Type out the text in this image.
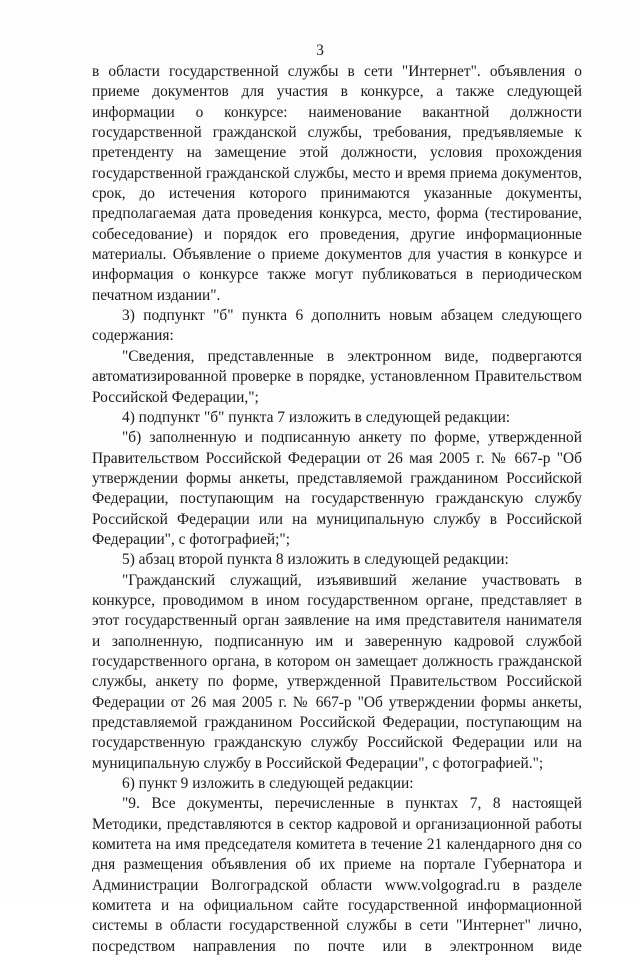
3

в области государственной службы в сети "Интернет". объявления о приеме документов для участия в конкурсе, а также следующей информации о конкурсе: наименование вакантной должности государственной гражданской службы, требования, предъявляемые к претенденту на замещение этой должности, условия прохождения государственной гражданской службы, место и время приема документов, срок, до истечения которого принимаются указанные документы, предполагаемая дата проведения конкурса, место, форма (тестирование, собеседование) и порядок его проведения, другие информационные материалы. Объявление о приеме документов для участия в конкурсе и информация о конкурсе также могут публиковаться в периодическом печатном издании".

3) подпункт "б" пункта 6 дополнить новым абзацем следующего содержания:

"Сведения, представленные в электронном виде, подвергаются автоматизированной проверке в порядке, установленном Правительством Российской Федерации,";

4) подпункт "б" пункта 7 изложить в следующей редакции:

"б) заполненную и подписанную анкету по форме, утвержденной Правительством Российской Федерации от 26 мая 2005 г. № 667-р "Об утверждении формы анкеты, представляемой гражданином Российской Федерации, поступающим на государственную гражданскую службу Российской Федерации или на муниципальную службу в Российской Федерации", с фотографией;";

5) абзац второй пункта 8 изложить в следующей редакции:

"Гражданский служащий, изъявивший желание участвовать в конкурсе, проводимом в ином государственном органе, представляет в этот государственный орган заявление на имя представителя нанимателя и заполненную, подписанную им и заверенную кадровой службой государственного органа, в котором он замещает должность гражданской службы, анкету по форме, утвержденной Правительством Российской Федерации от 26 мая 2005 г. № 667-р "Об утверждении формы анкеты, представляемой гражданином Российской Федерации, поступающим на государственную гражданскую службу Российской Федерации или на муниципальную службу в Российской Федерации", с фотографией.";

6) пункт 9 изложить в следующей редакции:

"9. Все документы, перечисленные в пунктах 7, 8 настоящей Методики, представляются в сектор кадровой и организационной работы комитета на имя председателя комитета в течение 21 календарного дня со дня размещения объявления об их приеме на портале Губернатора и Администрации Волгоградской области www.volgograd.ru в разделе комитета и на официальном сайте государственной информационной системы в области государственной службы в сети "Интернет" лично, посредством направления по почте или в электронном виде
